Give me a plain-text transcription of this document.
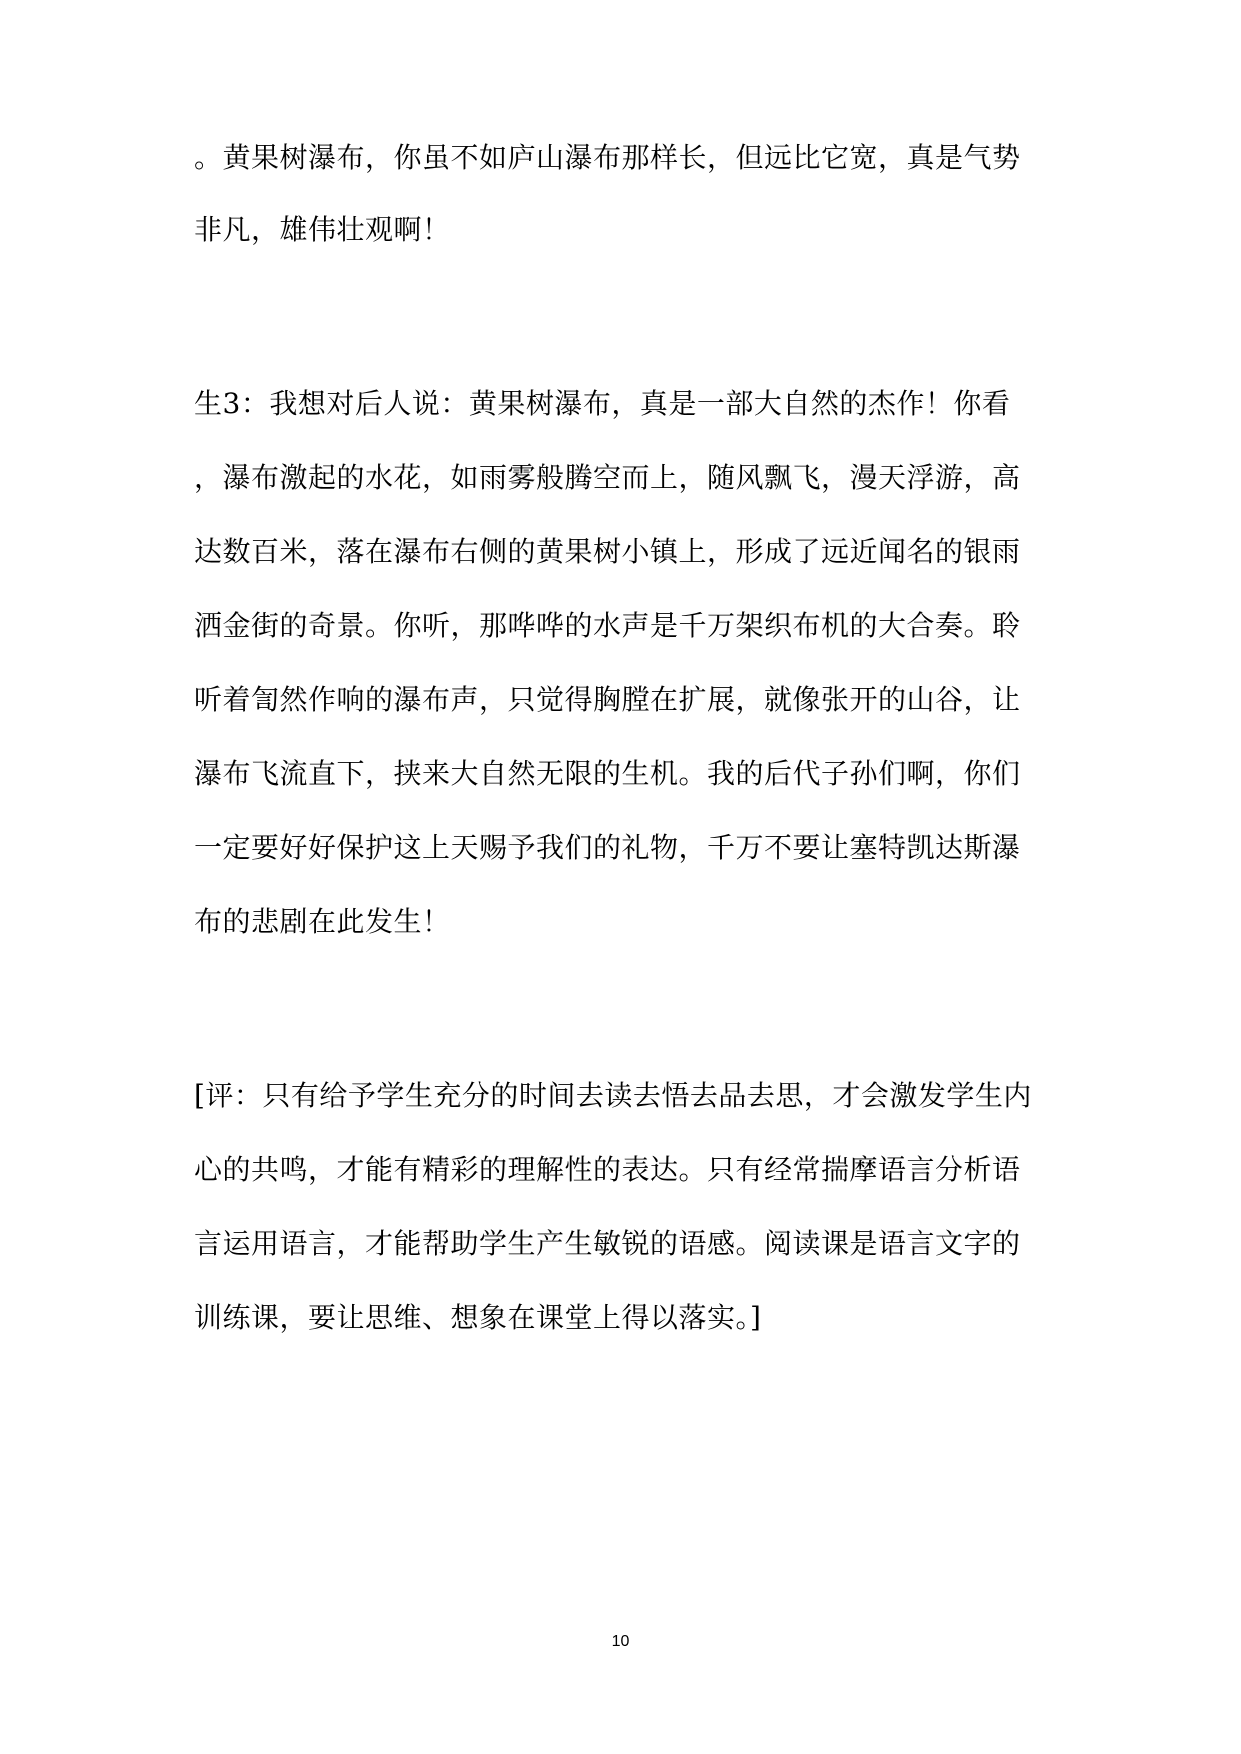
。黄果树瀑布，你虽不如庐山瀑布那样长，但远比它宽，真是气势
非凡，雄伟壮观啊！
生3：我想对后人说：黄果树瀑布，真是一部大自然的杰作！你看
，瀑布激起的水花，如雨雾般腾空而上，随风飘飞，漫天浮游，高
达数百米，落在瀑布右侧的黄果树小镇上，形成了远近闻名的银雨
洒金街的奇景。你听，那哗哗的水声是千万架织布机的大合奏。聆
听着訇然作响的瀑布声，只觉得胸膛在扩展，就像张开的山谷，让
瀑布飞流直下，挟来大自然无限的生机。我的后代子孙们啊，你们
一定要好好保护这上天赐予我们的礼物，千万不要让塞特凯达斯瀑
布的悲剧在此发生！
[评：只有给予学生充分的时间去读去悟去品去思，才会激发学生内
心的共鸣，才能有精彩的理解性的表达。只有经常揣摩语言分析语
言运用语言，才能帮助学生产生敏锐的语感。阅读课是语言文字的
训练课，要让思维、想象在课堂上得以落实。]
10
